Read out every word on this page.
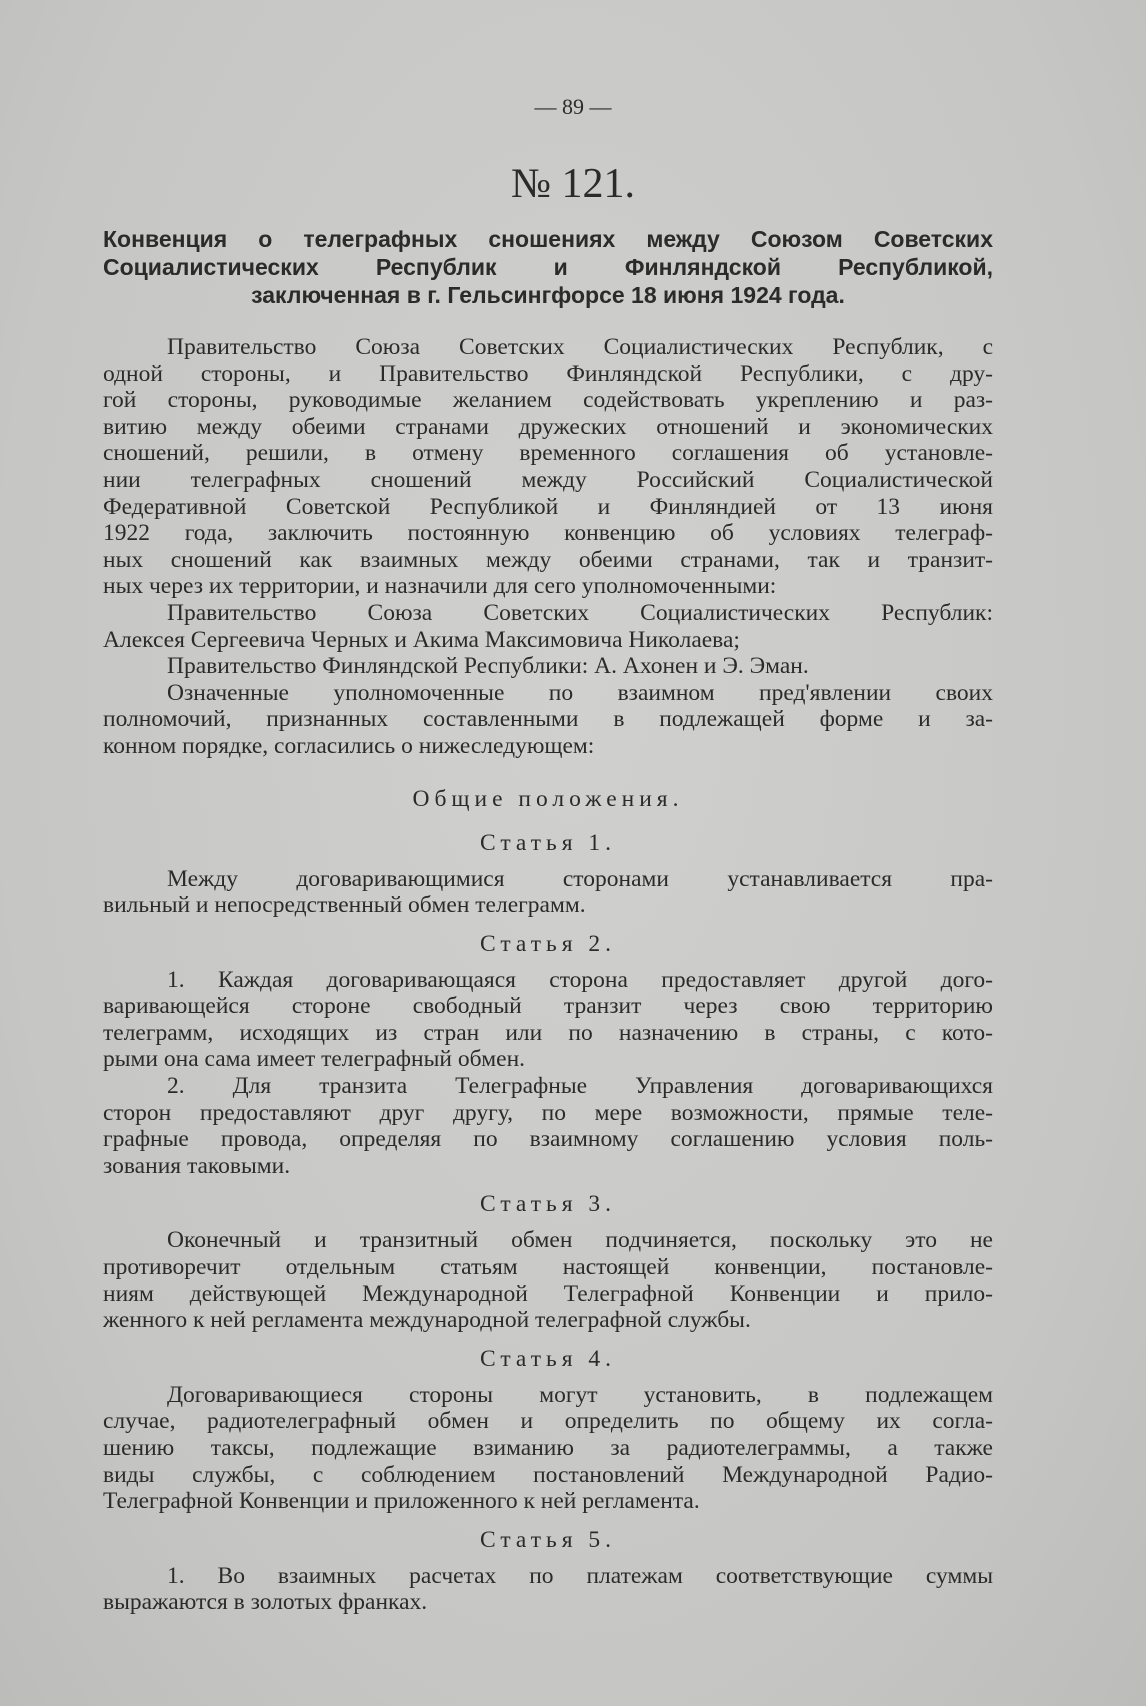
— 89 —
№ 121.
Конвенция о телеграфных сношениях между Союзом Советских
Социалистических Республик и Финляндской Республикой,
заключенная в г. Гельсингфорсе 18 июня 1924 года.
Правительство Союза Советских Социалистических Республик, с
одной стороны, и Правительство Финляндской Республики, с дру-
гой стороны, руководимые желанием содействовать укреплению и раз-
витию между обеими странами дружеских отношений и экономических
сношений, решили, в отмену временного соглашения об установле-
нии телеграфных сношений между Российский Социалистической
Федеративной Советской Республикой и Финляндией от 13 июня
1922 года, заключить постоянную конвенцию об условиях телеграф-
ных сношений как взаимных между обеими странами, так и транзит-
ных через их территории, и назначили для сего уполномоченными:
Правительство Союза Советских Социалистических Республик:
Алексея Сергеевича Черных и Акима Максимовича Николаева;
Правительство Финляндской Республики: А. Ахонен и Э. Эман.
Означенные уполномоченные по взаимном пред'явлении своих
полномочий, признанных составленными в подлежащей форме и за-
конном порядке, согласились о нижеследующем:
Общие положения.
Статья 1.
Между договаривающимися сторонами устанавливается пра-
вильный и непосредственный обмен телеграмм.
Статья 2.
1. Каждая договаривающаяся сторона предоставляет другой дого-
варивающейся стороне свободный транзит через свою территорию
телеграмм, исходящих из стран или по назначению в страны, с кото-
рыми она сама имеет телеграфный обмен.
2. Для транзита Телеграфные Управления договаривающихся
сторон предоставляют друг другу, по мере возможности, прямые теле-
графные провода, определяя по взаимному соглашению условия поль-
зования таковыми.
Статья 3.
Оконечный и транзитный обмен подчиняется, поскольку это не
противоречит отдельным статьям настоящей конвенции, постановле-
ниям действующей Международной Телеграфной Конвенции и прило-
женного к ней регламента международной телеграфной службы.
Статья 4.
Договаривающиеся стороны могут установить, в подлежащем
случае, радиотелеграфный обмен и определить по общему их согла-
шению таксы, подлежащие взиманию за радиотелеграммы, а также
виды службы, с соблюдением постановлений Международной Радио-
Телеграфной Конвенции и приложенного к ней регламента.
Статья 5.
1. Во взаимных расчетах по платежам соответствующие суммы
выражаются в золотых франках.
